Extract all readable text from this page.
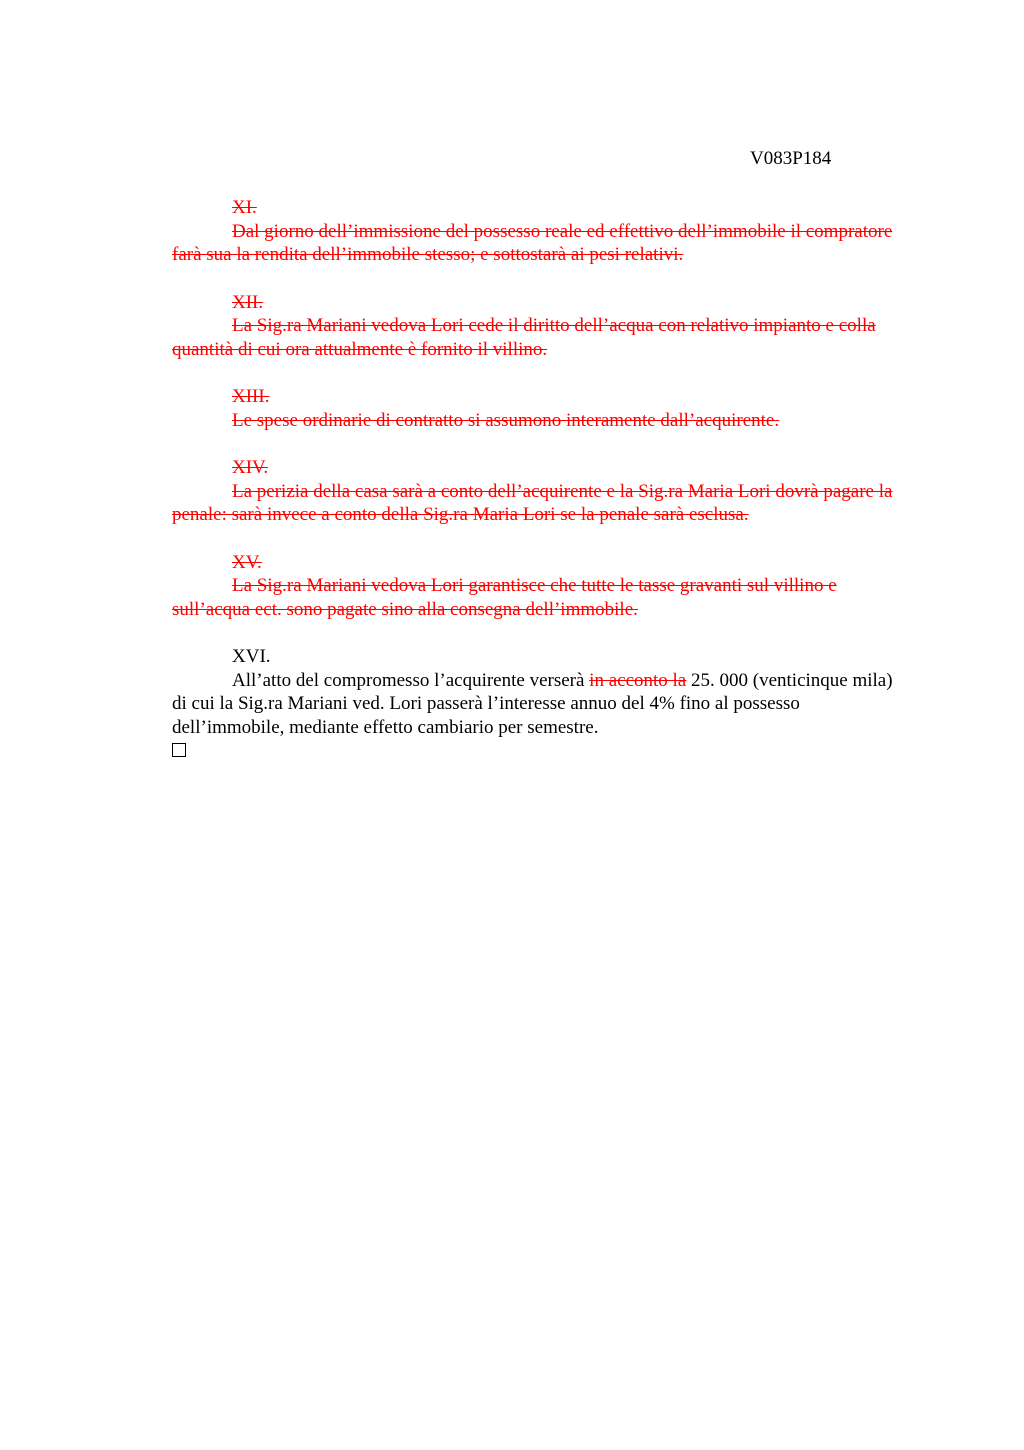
V083P184

XI.

Dal giorno dell’immissione del possesso reale ed effettivo dell’immobile il compratore farà sua la rendita dell’immobile stesso; e sottostarà ai pesi relativi.

XII.

La Sig.ra Mariani vedova Lori cede il diritto dell’acqua con relativo impianto e colla quantità di cui ora attualmente è fornito il villino.

XIII.

Le spese ordinarie di contratto si assumono interamente dall’acquirente.

XIV.

La perizia della casa sarà a conto dell’acquirente e la Sig.ra Maria Lori dovrà pagare la penale: sarà invece a conto della Sig.ra Maria Lori se la penale sarà esclusa.

XV.

La Sig.ra Mariani vedova Lori garantisce che tutte le tasse gravanti sul villino e sull’acqua ect. sono pagate sino alla consegna dell’immobile.

XVI.

All’atto del compromesso l’acquirente verserà in acconto la 25. 000 (venticinque mila) di cui la Sig.ra Mariani ved. Lori passerà l’interesse annuo del 4% fino al possesso dell’immobile, mediante effetto cambiario per semestre.
